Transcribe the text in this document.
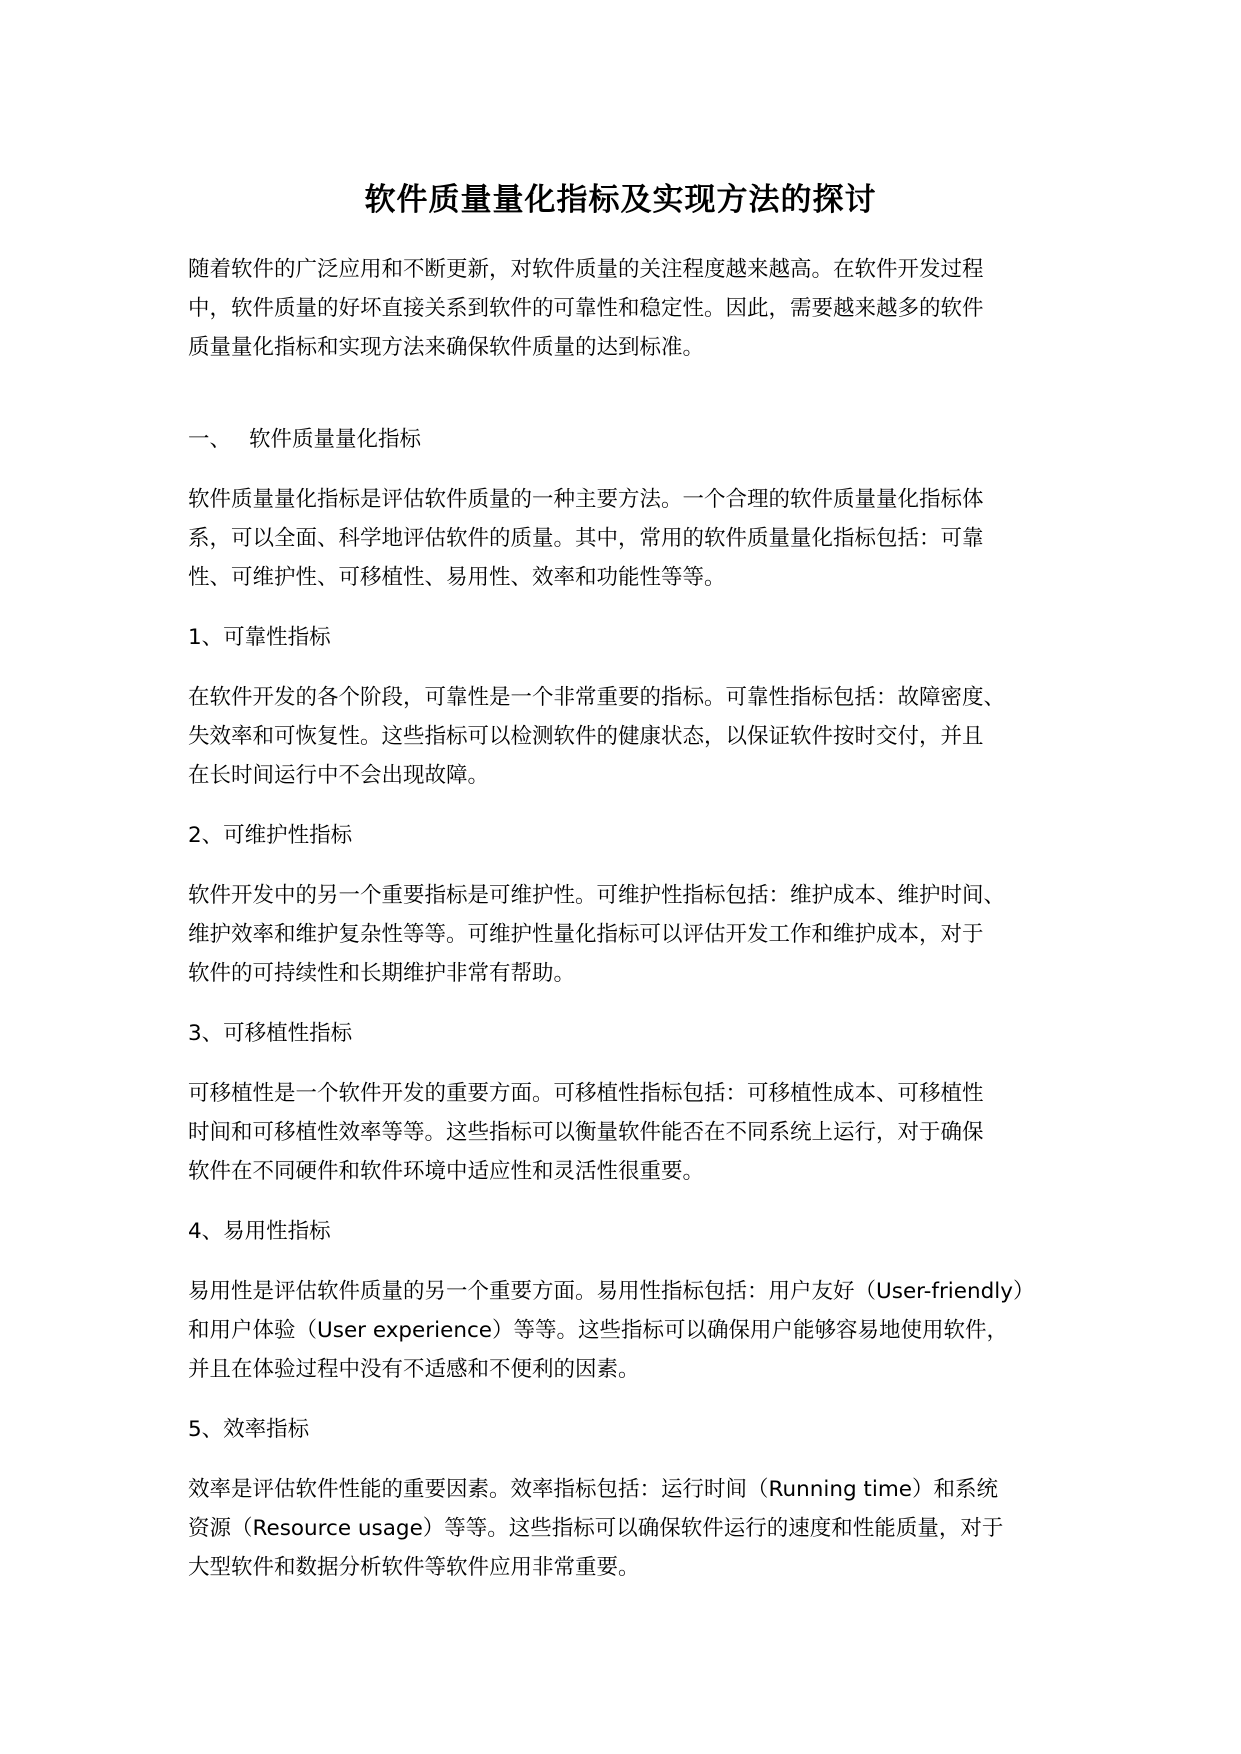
软件质量量化指标及实现方法的探讨

随着软件的广泛应用和不断更新，对软件质量的关注程度越来越高。在软件开发过程

中，软件质量的好坏直接关系到软件的可靠性和稳定性。因此，需要越来越多的软件

质量量化指标和实现方法来确保软件质量的达到标准。

一、 软件质量量化指标

软件质量量化指标是评估软件质量的一种主要方法。一个合理的软件质量量化指标体

系，可以全面、科学地评估软件的质量。其中，常用的软件质量量化指标包括：可靠

性、可维护性、可移植性、易用性、效率和功能性等等。

1、可靠性指标

在软件开发的各个阶段，可靠性是一个非常重要的指标。可靠性指标包括：故障密度、

失效率和可恢复性。这些指标可以检测软件的健康状态，以保证软件按时交付，并且

在长时间运行中不会出现故障。

2、可维护性指标

软件开发中的另一个重要指标是可维护性。可维护性指标包括：维护成本、维护时间、

维护效率和维护复杂性等等。可维护性量化指标可以评估开发工作和维护成本，对于

软件的可持续性和长期维护非常有帮助。

3、可移植性指标

可移植性是一个软件开发的重要方面。可移植性指标包括：可移植性成本、可移植性

时间和可移植性效率等等。这些指标可以衡量软件能否在不同系统上运行，对于确保

软件在不同硬件和软件环境中适应性和灵活性很重要。

4、易用性指标

易用性是评估软件质量的另一个重要方面。易用性指标包括：用户友好（User-friendly）

和用户体验（User experience）等等。这些指标可以确保用户能够容易地使用软件，

并且在体验过程中没有不适感和不便利的因素。

5、效率指标

效率是评估软件性能的重要因素。效率指标包括：运行时间（Running time）和系统

资源（Resource usage）等等。这些指标可以确保软件运行的速度和性能质量，对于

大型软件和数据分析软件等软件应用非常重要。
